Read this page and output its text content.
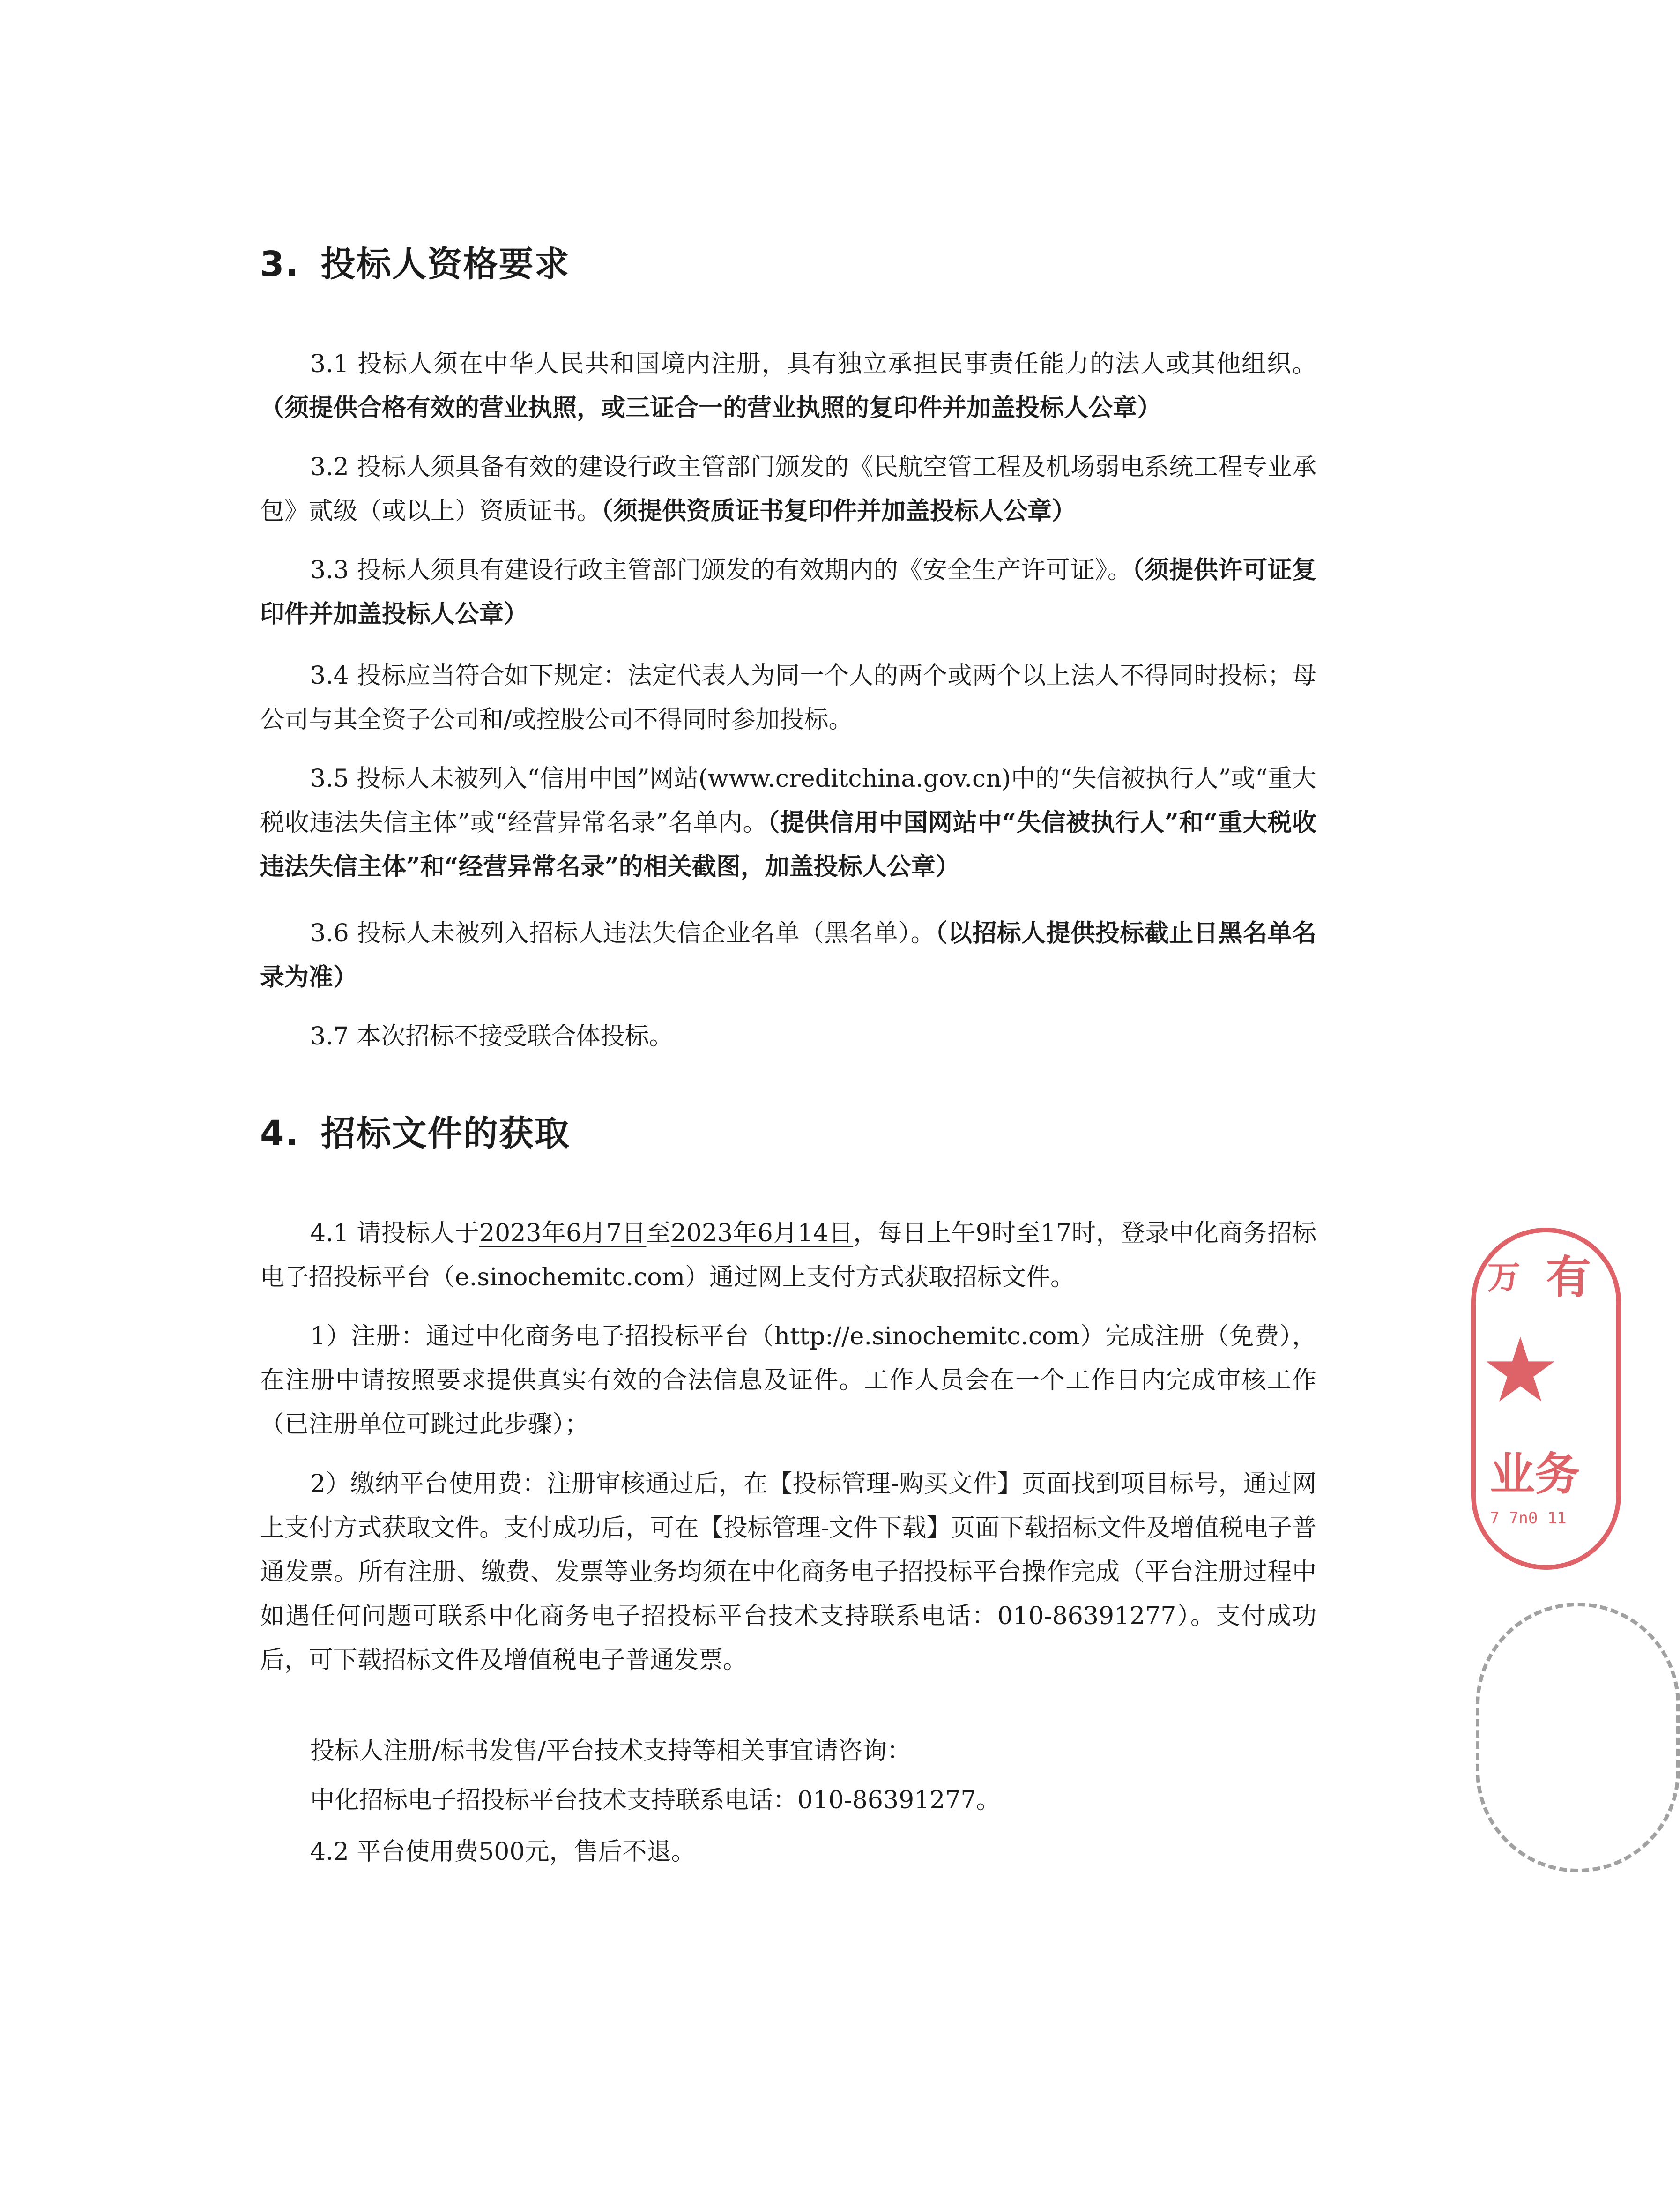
3. 投标人资格要求

3.1 投标人须在中华人民共和国境内注册，具有独立承担民事责任能力的法人或其他组织。（须提供合格有效的营业执照，或三证合一的营业执照的复印件并加盖投标人公章）

3.2 投标人须具备有效的建设行政主管部门颁发的《民航空管工程及机场弱电系统工程专业承包》贰级（或以上）资质证书。（须提供资质证书复印件并加盖投标人公章）

3.3 投标人须具有建设行政主管部门颁发的有效期内的《安全生产许可证》。（须提供许可证复印件并加盖投标人公章）

3.4 投标应当符合如下规定：法定代表人为同一个人的两个或两个以上法人不得同时投标；母公司与其全资子公司和/或控股公司不得同时参加投标。

3.5 投标人未被列入“信用中国”网站(www.creditchina.gov.cn)中的“失信被执行人”或“重大税收违法失信主体”或“经营异常名录”名单内。（提供信用中国网站中“失信被执行人”和“重大税收违法失信主体”和“经营异常名录”的相关截图，加盖投标人公章）

3.6 投标人未被列入招标人违法失信企业名单（黑名单）。（以招标人提供投标截止日黑名单名录为准）

3.7 本次招标不接受联合体投标。

4. 招标文件的获取

4.1 请投标人于2023年6月7日至2023年6月14日，每日上午9时至17时，登录中化商务招标电子招投标平台（e.sinochemitc.com）通过网上支付方式获取招标文件。

1）注册：通过中化商务电子招投标平台（http://e.sinochemitc.com）完成注册（免费），在注册中请按照要求提供真实有效的合法信息及证件。工作人员会在一个工作日内完成审核工作（已注册单位可跳过此步骤）；

2）缴纳平台使用费：注册审核通过后，在【投标管理-购买文件】页面找到项目标号，通过网上支付方式获取文件。支付成功后，可在【投标管理-文件下载】页面下载招标文件及增值税电子普通发票。所有注册、缴费、发票等业务均须在中化商务电子招投标平台操作完成（平台注册过程中如遇任何问题可联系中化商务电子招投标平台技术支持联系电话：010-86391277）。支付成功后，可下载招标文件及增值税电子普通发票。

投标人注册/标书发售/平台技术支持等相关事宜请咨询：

中化招标电子招投标平台技术支持联系电话：010-86391277。

4.2 平台使用费500元，售后不退。

有
万
★
业务
7 7n0 11
